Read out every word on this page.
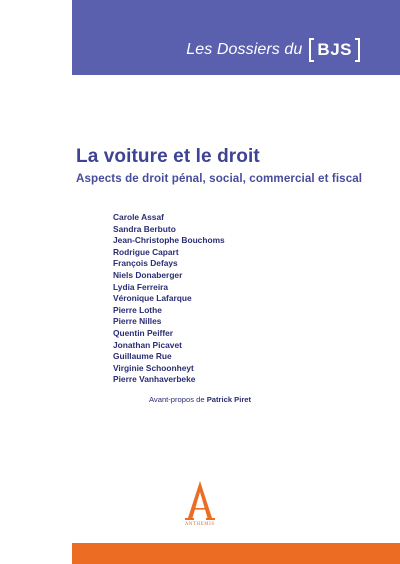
Les Dossiers du BJS
La voiture et le droit
Aspects de droit pénal, social, commercial et fiscal
Carole Assaf
Sandra Berbuto
Jean-Christophe Bouchoms
Rodrigue Capart
François Defays
Niels Donaberger
Lydia Ferreira
Véronique Lafarque
Pierre Lothe
Pierre Nilles
Quentin Peiffer
Jonathan Picavet
Guillaume Rue
Virginie Schoonheyt
Pierre Vanhaverbeke
Avant-propos de Patrick Piret
ANTHEMIS
